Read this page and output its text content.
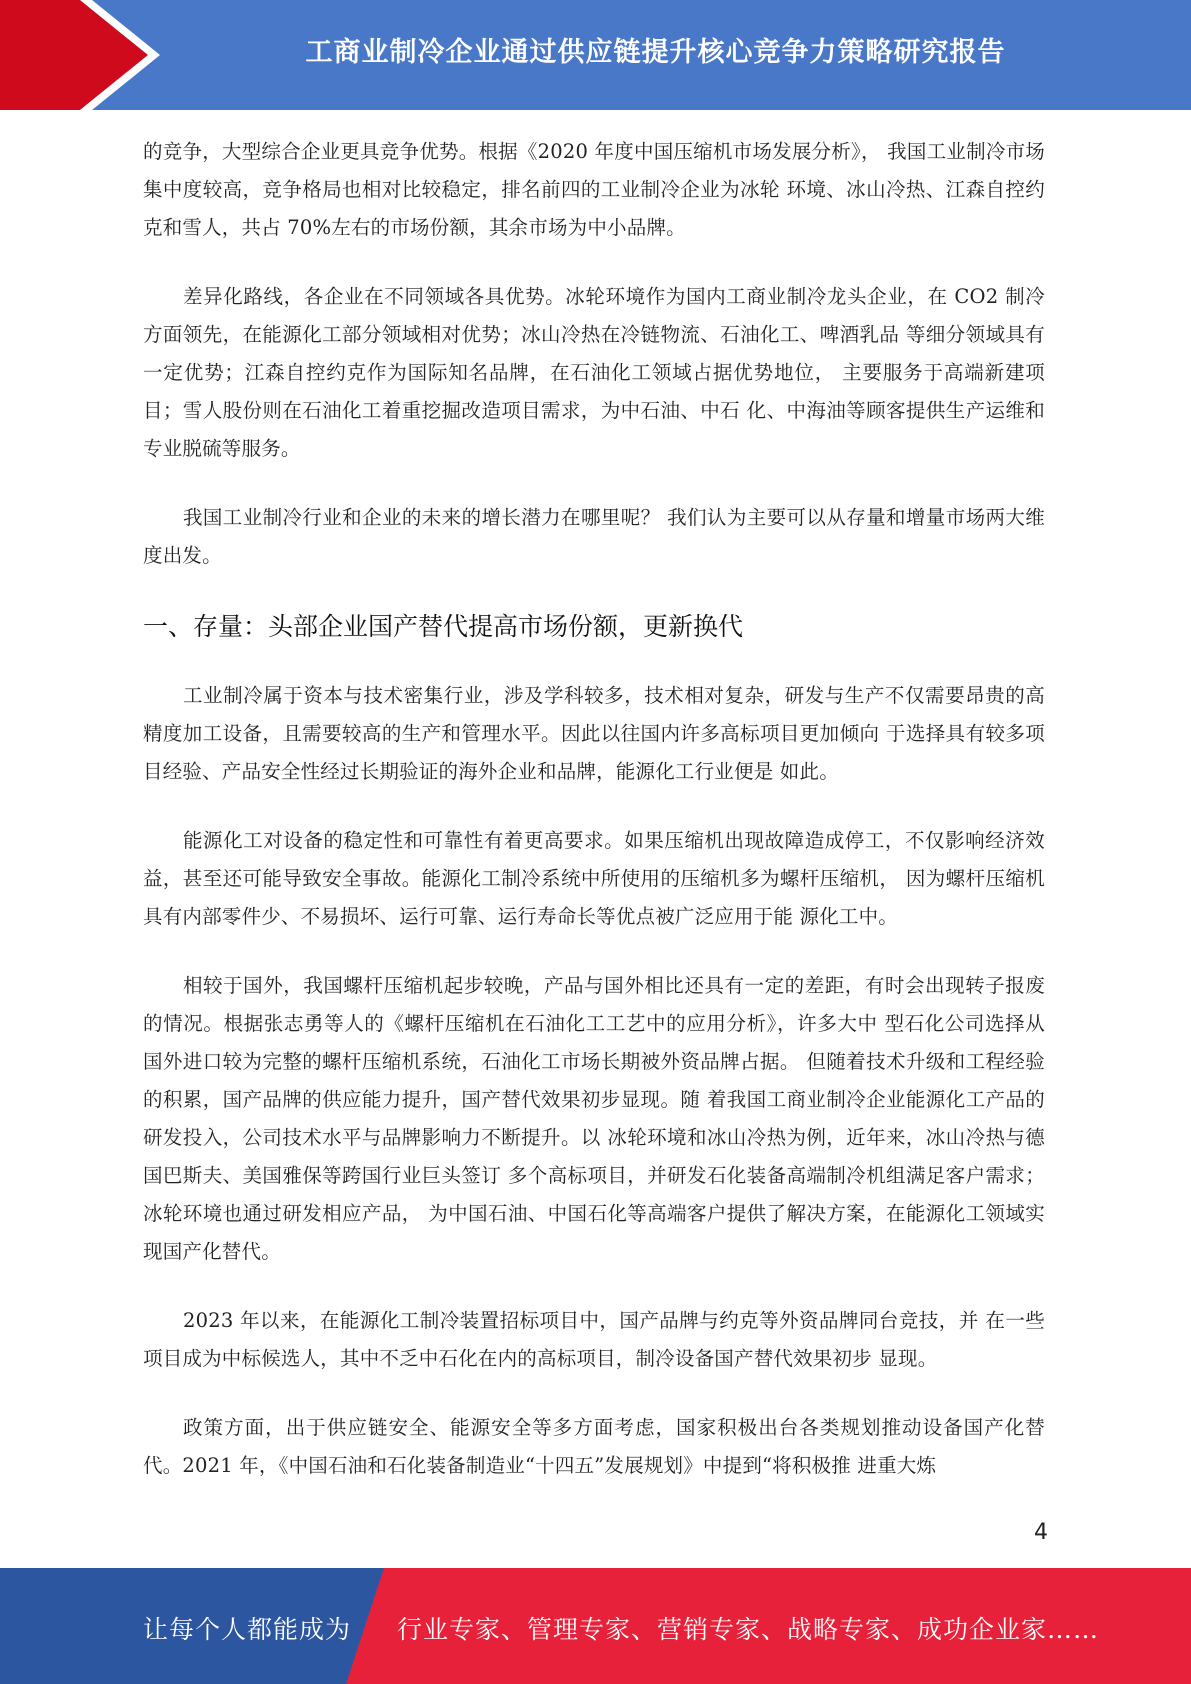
工商业制冷企业通过供应链提升核心竞争力策略研究报告

的竞争，大型综合企业更具竞争优势。根据《2020 年度中国压缩机市场发展分析》， 我国工业制冷市场集中度较高，竞争格局也相对比较稳定，排名前四的工业制冷企业为冰轮 环境、冰山冷热、江森自控约克和雪人，共占 70%左右的市场份额，其余市场为中小品牌。

差异化路线，各企业在不同领域各具优势。冰轮环境作为国内工商业制冷龙头企业，在 CO2 制冷方面领先，在能源化工部分领域相对优势；冰山冷热在冷链物流、石油化工、啤酒乳品 等细分领域具有一定优势；江森自控约克作为国际知名品牌，在石油化工领域占据优势地位， 主要服务于高端新建项目；雪人股份则在石油化工着重挖掘改造项目需求，为中石油、中石 化、中海油等顾客提供生产运维和专业脱硫等服务。

我国工业制冷行业和企业的未来的增长潜力在哪里呢？ 我们认为主要可以从存量和增量市场两大维度出发。

一、存量：头部企业国产替代提高市场份额，更新换代

工业制冷属于资本与技术密集行业，涉及学科较多，技术相对复杂，研发与生产不仅需要昂贵的高精度加工设备，且需要较高的生产和管理水平。因此以往国内许多高标项目更加倾向 于选择具有较多项目经验、产品安全性经过长期验证的海外企业和品牌，能源化工行业便是 如此。

能源化工对设备的稳定性和可靠性有着更高要求。如果压缩机出现故障造成停工，不仅影响经济效益，甚至还可能导致安全事故。能源化工制冷系统中所使用的压缩机多为螺杆压缩机， 因为螺杆压缩机具有内部零件少、不易损坏、运行可靠、运行寿命长等优点被广泛应用于能 源化工中。

相较于国外，我国螺杆压缩机起步较晚，产品与国外相比还具有一定的差距，有时会出现转子报废的情况。根据张志勇等人的《螺杆压缩机在石油化工工艺中的应用分析》，许多大中 型石化公司选择从国外进口较为完整的螺杆压缩机系统，石油化工市场长期被外资品牌占据。 但随着技术升级和工程经验的积累，国产品牌的供应能力提升，国产替代效果初步显现。随 着我国工商业制冷企业能源化工产品的研发投入，公司技术水平与品牌影响力不断提升。以 冰轮环境和冰山冷热为例，近年来，冰山冷热与德国巴斯夫、美国雅保等跨国行业巨头签订 多个高标项目，并研发石化装备高端制冷机组满足客户需求；冰轮环境也通过研发相应产品， 为中国石油、中国石化等高端客户提供了解决方案，在能源化工领域实现国产化替代。

2023 年以来，在能源化工制冷装置招标项目中，国产品牌与约克等外资品牌同台竞技，并 在一些项目成为中标候选人，其中不乏中石化在内的高标项目，制冷设备国产替代效果初步 显现。

政策方面，出于供应链安全、能源安全等多方面考虑，国家积极出台各类规划推动设备国产化替代。2021 年，《中国石油和石化装备制造业“十四五”发展规划》中提到“将积极推 进重大炼

4
让每个人都能成为 行业专家、管理专家、营销专家、战略专家、成功企业家……
